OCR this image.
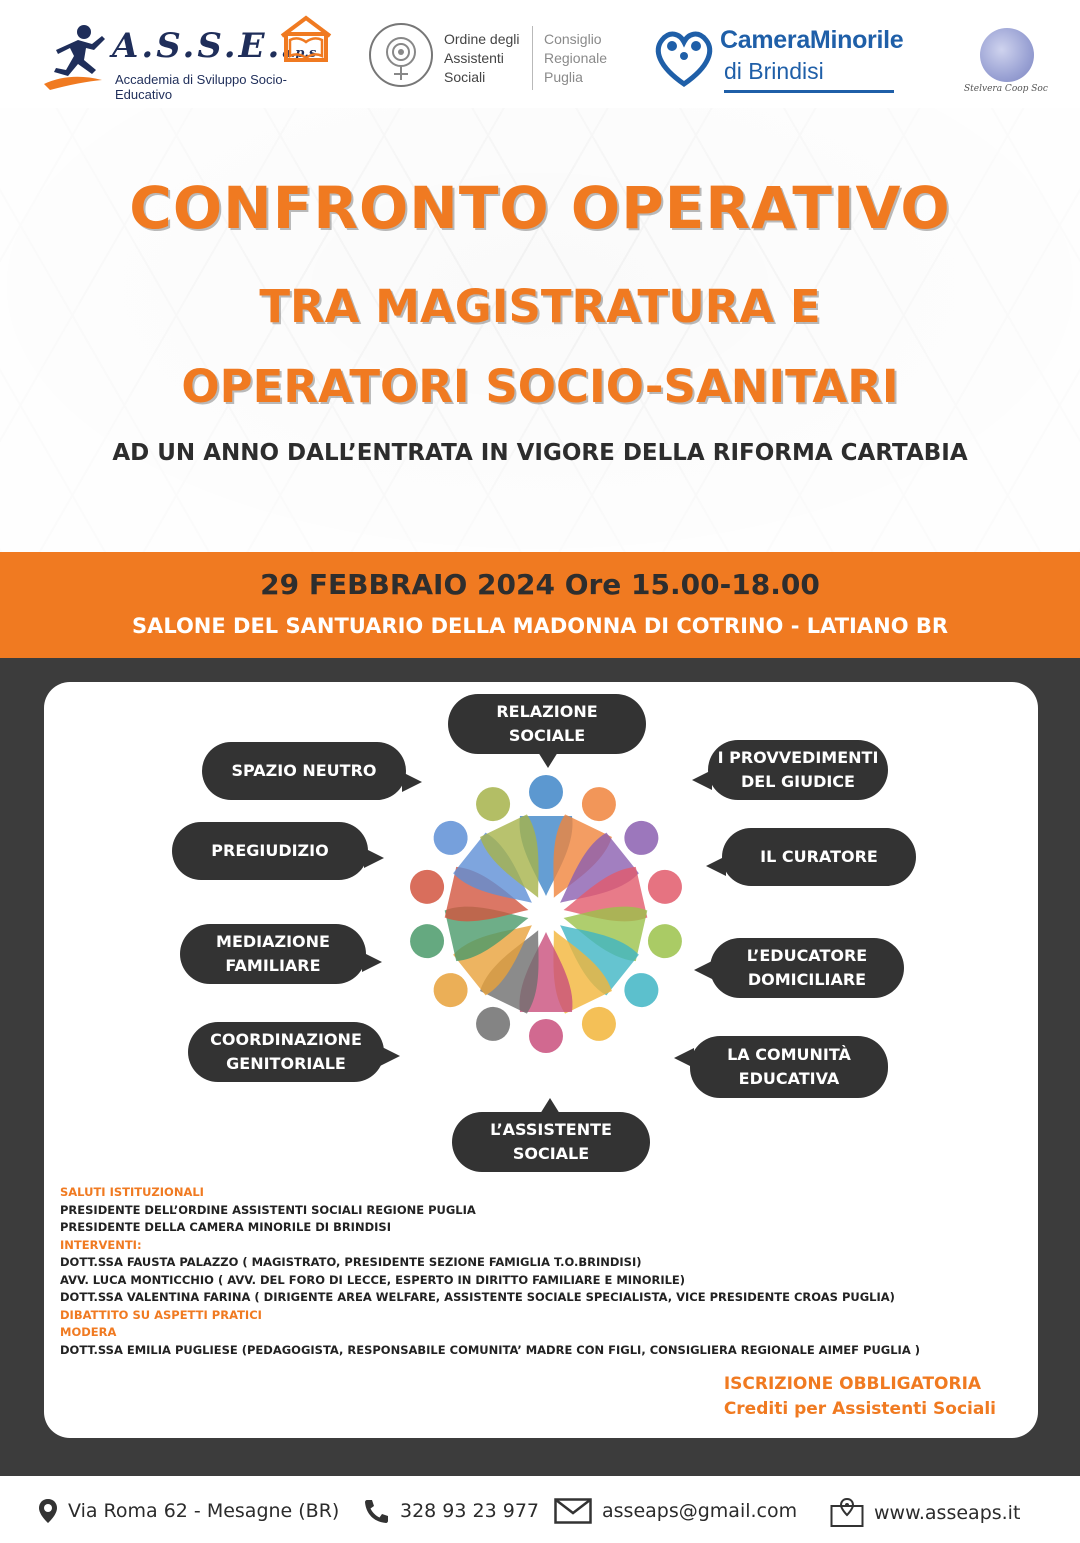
A.S.S.E.a.p.s
Accademia di Sviluppo Socio-Educativo
Ordine degli
Assistenti
Sociali
Consiglio
Regionale
Puglia
CameraMinorile
di Brindisi
Stelvera Coop Soc
CONFRONTO OPERATIVO
TRA MAGISTRATURA E
OPERATORI SOCIO-SANITARI
AD UN ANNO DALL’ENTRATA IN VIGORE DELLA RIFORMA CARTABIA
29 FEBBRAIO 2024 Ore 15.00-18.00
SALONE DEL SANTUARIO DELLA MADONNA DI COTRINO - LATIANO BR
RELAZIONE
SOCIALE
SPAZIO NEUTRO
I PROVVEDIMENTI
DEL GIUDICE
PREGIUDIZIO	IL CURATORE
MEDIAZIONE
FAMILIARE
L’EDUCATORE
DOMICILIARE
COORDINAZIONE
GENITORIALE	LA COMUNITÀ
EDUCATIVA
L’ASSISTENTE
SOCIALE
SALUTI ISTITUZIONALI
PRESIDENTE DELL’ORDINE ASSISTENTI SOCIALI REGIONE PUGLIA
PRESIDENTE DELLA CAMERA MINORILE DI BRINDISI
INTERVENTI:
DOTT.SSA FAUSTA PALAZZO ( MAGISTRATO, PRESIDENTE SEZIONE FAMIGLIA T.O.BRINDISI)
AVV. LUCA MONTICCHIO ( AVV. DEL FORO DI LECCE, ESPERTO IN DIRITTO FAMILIARE E MINORILE)
DOTT.SSA VALENTINA FARINA ( DIRIGENTE AREA WELFARE, ASSISTENTE SOCIALE SPECIALISTA, VICE PRESIDENTE CROAS PUGLIA)
DIBATTITO SU ASPETTI PRATICI
MODERA
DOTT.SSA EMILIA PUGLIESE (PEDAGOGISTA, RESPONSABILE COMUNITA’ MADRE CON FIGLI, CONSIGLIERA REGIONALE AIMEF PUGLIA )
ISCRIZIONE OBBLIGATORIA
Crediti per Assistenti Sociali
Via Roma 62 - Mesagne (BR)	328 93 23 977	asseaps@gmail.com	www.asseaps.it
